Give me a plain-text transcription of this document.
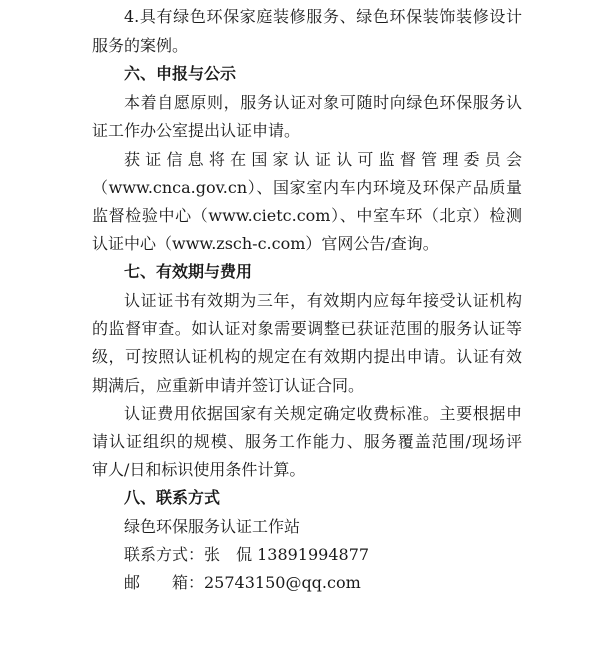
4.具有绿色环保家庭装修服务、绿色环保装饰装修设计
服务的案例。
六、申报与公示
本着自愿原则，服务认证对象可随时向绿色环保服务认
证工作办公室提出认证申请。
获证信息将在国家认证认可监督管理委员会
（www.cnca.gov.cn）、国家室内车内环境及环保产品质量
监督检验中心（www.cietc.com）、中室车环（北京）检测
认证中心（www.zsch-c.com）官网公告/查询。
七、有效期与费用
认证证书有效期为三年，有效期内应每年接受认证机构
的监督审查。如认证对象需要调整已获证范围的服务认证等
级，可按照认证机构的规定在有效期内提出申请。认证有效
期满后，应重新申请并签订认证合同。
认证费用依据国家有关规定确定收费标准。主要根据申
请认证组织的规模、服务工作能力、服务覆盖范围/现场评
审人/日和标识使用条件计算。
八、联系方式
绿色环保服务认证工作站
联系方式：张　侃 13891994877
邮　　箱：25743150@qq.com
